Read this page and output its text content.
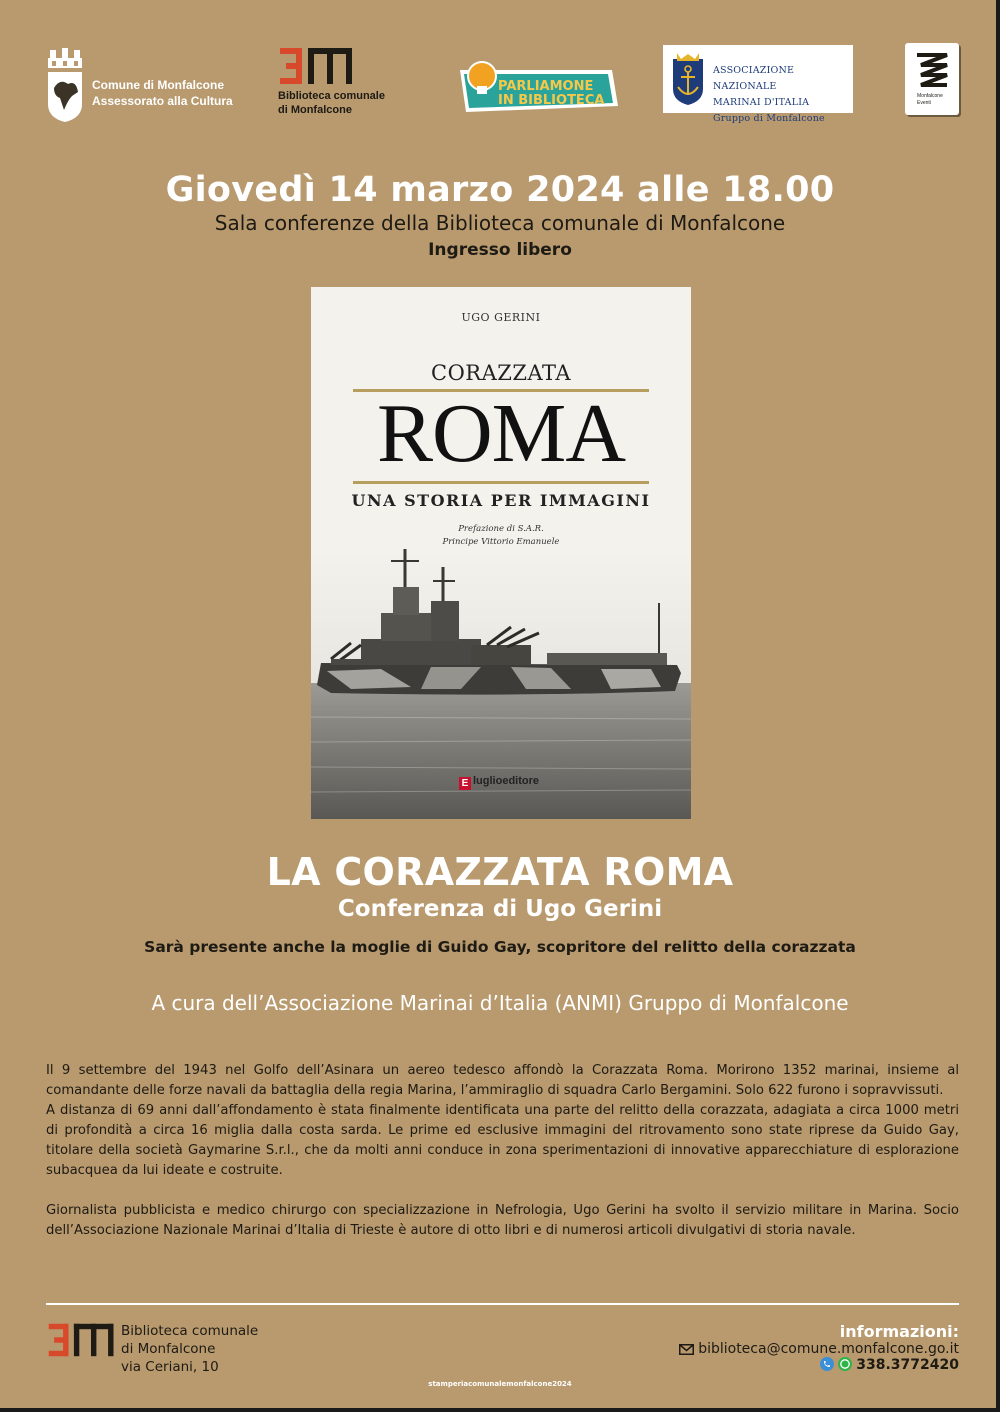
Comune di Monfalcone
Assessorato alla Cultura	Biblioteca comunale
di Monfalcone
PARLIAMONE
IN BIBLIOTECA
ASSOCIAZIONE NAZIONALE
MARINAI D'ITALIA
Gruppo di Monfalcone
Monfalcone
Eventi
Giovedì 14 marzo 2024 alle 18.00
Sala conferenze della Biblioteca comunale di Monfalcone
Ingresso libero
UGO GERINI
CORAZZATA
ROMA
UNA STORIA PER IMMAGINI
Prefazione di S.A.R.
Principe Vittorio Emanuele
E luglioeditore
LA CORAZZATA ROMA
Conferenza di Ugo Gerini
Sarà presente anche la moglie di Guido Gay, scopritore del relitto della corazzata
A cura dell’Associazione Marinai d’Italia (ANMI) Gruppo di Monfalcone

Il 9 settembre del 1943 nel Golfo dell’Asinara un aereo tedesco affondò la Corazzata Roma. Morirono 1352 marinai, insieme al comandante delle forze navali da battaglia della regia Marina, l’ammiraglio di squadra Carlo Bergamini. Solo 622 furono i sopravvissuti.

A distanza di 69 anni dall’affondamento è stata finalmente identificata una parte del relitto della corazzata, adagiata a circa 1000 metri di profondità a circa 16 miglia dalla costa sarda. Le prime ed esclusive immagini del ritrovamento sono state riprese da Guido Gay, titolare della società Gaymarine S.r.l., che da molti anni conduce in zona sperimentazioni di innovative apparecchiature di esplorazione subacquea da lui ideate e costruite.

Giornalista pubblicista e medico chirurgo con specializzazione in Nefrologia, Ugo Gerini ha svolto il servizio militare in Marina. Socio dell’Associazione Nazionale Marinai d’Italia di Trieste è autore di otto libri e di numerosi articoli divulgativi di storia navale.

Biblioteca comunale
di Monfalcone
via Ceriani, 10
informazioni:
biblioteca@comune.monfalcone.go.it
338.3772420
stamperiacomunalemonfalcone2024
